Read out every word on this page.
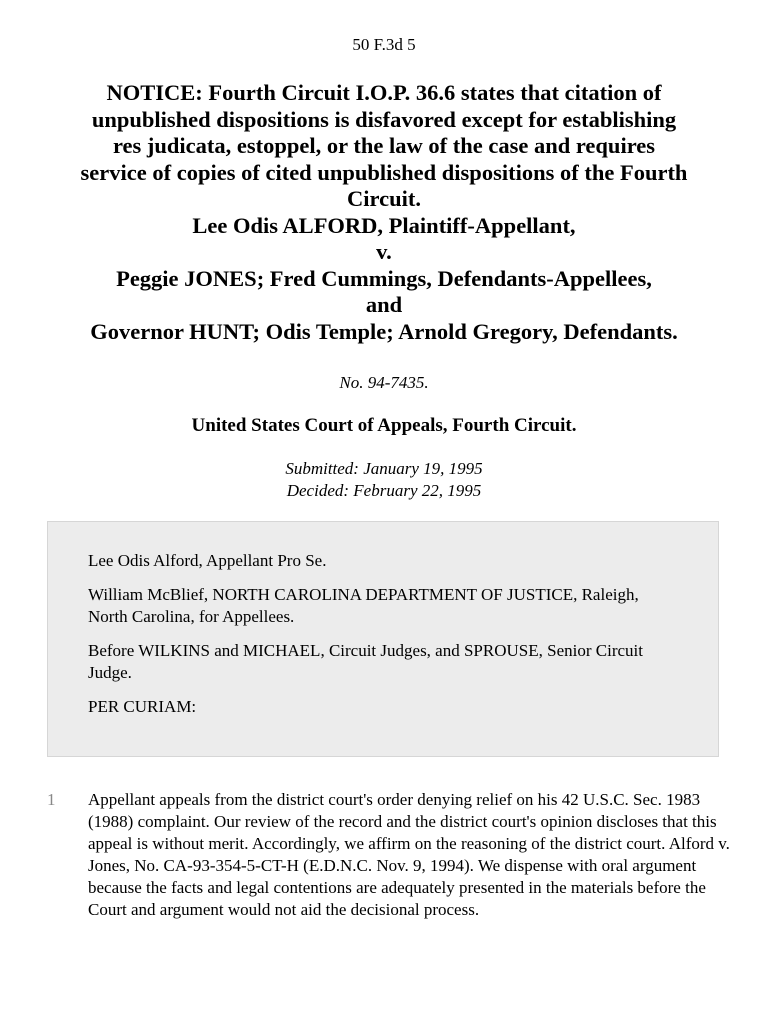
50 F.3d 5
NOTICE: Fourth Circuit I.O.P. 36.6 states that citation of
unpublished dispositions is disfavored except for establishing
res judicata, estoppel, or the law of the case and requires
service of copies of cited unpublished dispositions of the Fourth
Circuit.
Lee Odis ALFORD, Plaintiff-Appellant,
v.
Peggie JONES; Fred Cummings, Defendants-Appellees,
and
Governor HUNT; Odis Temple; Arnold Gregory, Defendants.
No. 94-7435.
United States Court of Appeals, Fourth Circuit.
Submitted: January 19, 1995
Decided: February 22, 1995

Lee Odis Alford, Appellant Pro Se.

William McBlief, NORTH CAROLINA DEPARTMENT OF JUSTICE, Raleigh, North Carolina, for Appellees.

Before WILKINS and MICHAEL, Circuit Judges, and SPROUSE, Senior Circuit Judge.

PER CURIAM:

1 Appellant appeals from the district court's order denying relief on his 42 U.S.C. Sec. 1983 (1988) complaint. Our review of the record and the district court's opinion discloses that this appeal is without merit. Accordingly, we affirm on the reasoning of the district court. Alford v. Jones, No. CA-93-354-5-CT-H (E.D.N.C. Nov. 9, 1994). We dispense with oral argument because the facts and legal contentions are adequately presented in the materials before the Court and argument would not aid the decisional process.
